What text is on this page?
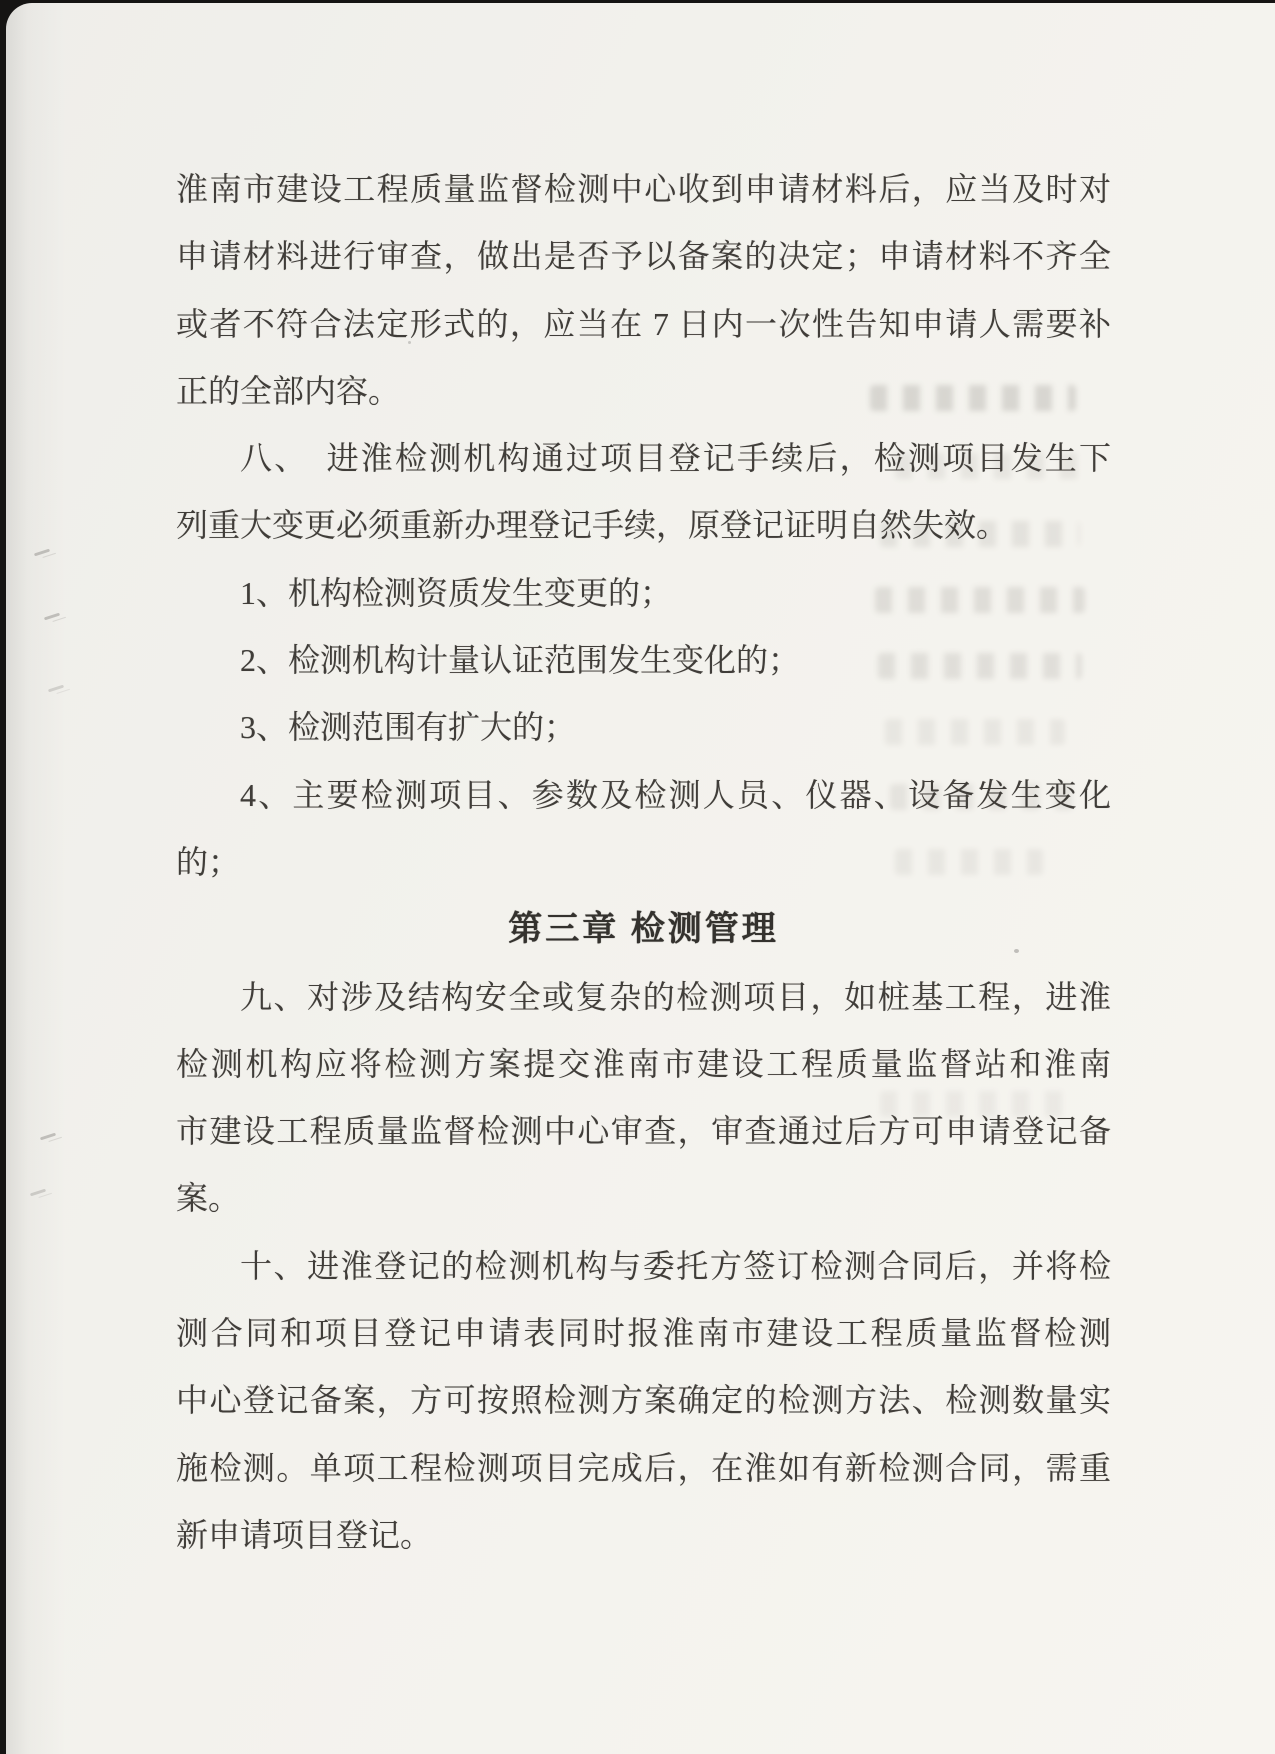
淮南市建设工程质量监督检测中心收到申请材料后，应当及时对
申请材料进行审查，做出是否予以备案的决定；申请材料不齐全
或者不符合法定形式的，应当在 7 日内一次性告知申请人需要补
正的全部内容。
八、　进淮检测机构通过项目登记手续后，检测项目发生下
列重大变更必须重新办理登记手续，原登记证明自然失效。
1、机构检测资质发生变更的；
2、检测机构计量认证范围发生变化的；
3、检测范围有扩大的；
4、主要检测项目、参数及检测人员、仪器、设备发生变化
的；
第三章 检测管理
九、对涉及结构安全或复杂的检测项目，如桩基工程，进淮
检测机构应将检测方案提交淮南市建设工程质量监督站和淮南
市建设工程质量监督检测中心审查，审查通过后方可申请登记备
案。
十、进淮登记的检测机构与委托方签订检测合同后，并将检
测合同和项目登记申请表同时报淮南市建设工程质量监督检测
中心登记备案，方可按照检测方案确定的检测方法、检测数量实
施检测。单项工程检测项目完成后，在淮如有新检测合同，需重
新申请项目登记。
